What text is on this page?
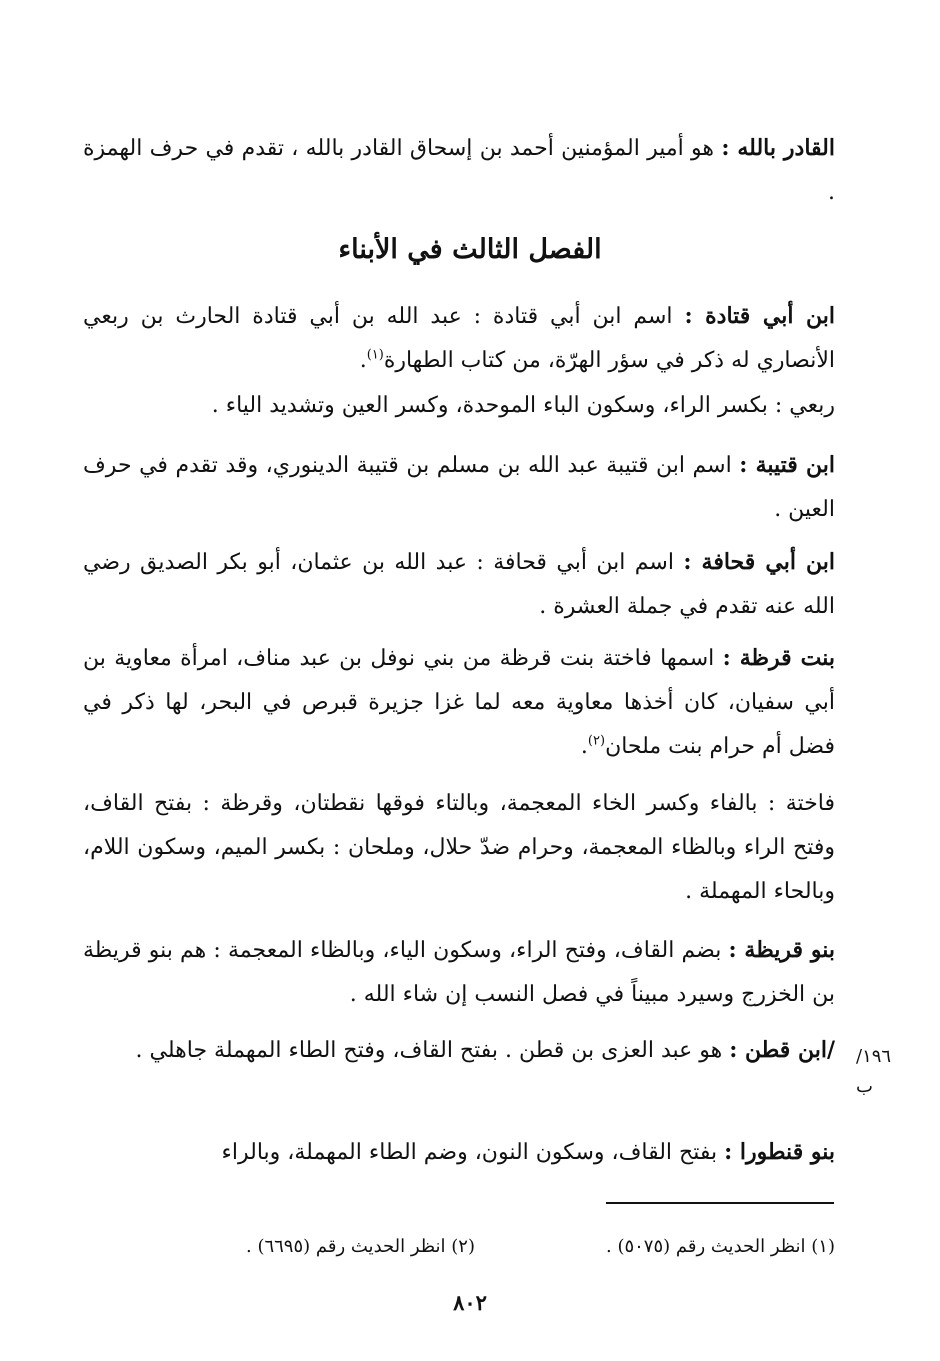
القادر بالله : هو أمير المؤمنين أحمد بن إسحاق القادر بالله ، تقدم في حرف الهمزة .

الفصل الثالث في الأبناء

ابن أبي قتادة : اسم ابن أبي قتادة : عبد الله بن أبي قتادة الحارث بن ربعي الأنصاري له ذكر في سؤر الهرّة، من كتاب الطهارة$^{(١)}$.

ربعي : بكسر الراء، وسكون الباء الموحدة، وكسر العين وتشديد الياء .

ابن قتيبة : اسم ابن قتيبة عبد الله بن مسلم بن قتيبة الدينوري، وقد تقدم في حرف العين .

ابن أبي قحافة : اسم ابن أبي قحافة : عبد الله بن عثمان، أبو بكر الصديق رضي الله عنه تقدم في جملة العشرة .

بنت قرظة : اسمها فاختة بنت قرظة من بني نوفل بن عبد مناف، امرأة معاوية بن أبي سفيان، كان أخذها معاوية معه لما غزا جزيرة قبرص في البحر، لها ذكر في فضل أم حرام بنت ملحان$^{(٢)}$.

فاختة : بالفاء وكسر الخاء المعجمة، وبالتاء فوقها نقطتان، وقرظة : بفتح القاف، وفتح الراء وبالظاء المعجمة، وحرام ضدّ حلال، وملحان : بكسر الميم، وسكون اللام، وبالحاء المهملة .

بنو قريظة : بضم القاف، وفتح الراء، وسكون الياء، وبالظاء المعجمة : هم بنو قريظة بن الخزرج وسيرد مبيناً في فصل النسب إن شاء الله .

/ابن قطن : هو عبد العزى بن قطن . بفتح القاف، وفتح الطاء المهملة جاهلي .

بنو قنطورا : بفتح القاف، وسكون النون، وضم الطاء المهملة، وبالراء

١٩٦/ب
(١) انظر الحديث رقم (٥٠٧٥) .
(٢) انظر الحديث رقم (٦٦٩٥) .
٨٠٢
